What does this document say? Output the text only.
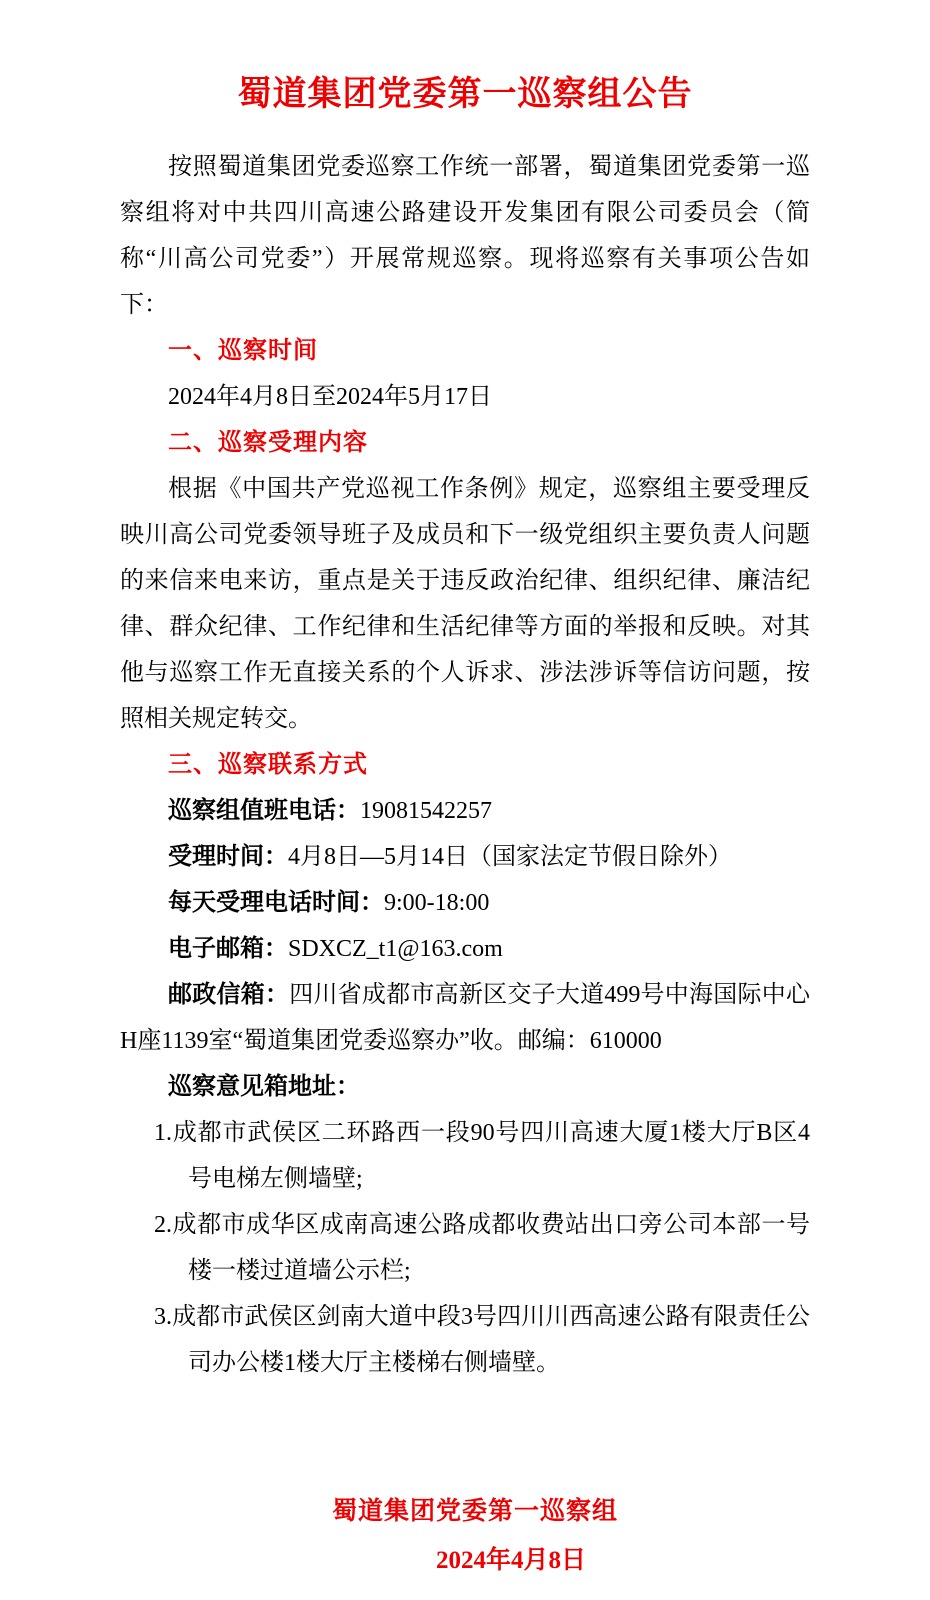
蜀道集团党委第一巡察组公告

按照蜀道集团党委巡察工作统一部署，蜀道集团党委第一巡察组将对中共四川高速公路建设开发集团有限公司委员会（简称“川高公司党委”）开展常规巡察。现将巡察有关事项公告如下：

一、巡察时间

2024年4月8日至2024年5月17日

二、巡察受理内容

根据《中国共产党巡视工作条例》规定，巡察组主要受理反映川高公司党委领导班子及成员和下一级党组织主要负责人问题的来信来电来访，重点是关于违反政治纪律、组织纪律、廉洁纪律、群众纪律、工作纪律和生活纪律等方面的举报和反映。对其他与巡察工作无直接关系的个人诉求、涉法涉诉等信访问题，按照相关规定转交。

三、巡察联系方式

巡察组值班电话：19081542257

受理时间：4月8日—5月14日（国家法定节假日除外）

每天受理电话时间：9:00-18:00

电子邮箱：SDXCZ_t1@163.com

邮政信箱：四川省成都市高新区交子大道499号中海国际中心H座1139室“蜀道集团党委巡察办”收。邮编：610000

巡察意见箱地址：

1.成都市武侯区二环路西一段90号四川高速大厦1楼大厅B区4号电梯左侧墙壁;

2.成都市成华区成南高速公路成都收费站出口旁公司本部一号楼一楼过道墙公示栏;

3.成都市武侯区剑南大道中段3号四川川西高速公路有限责任公司办公楼1楼大厅主楼梯右侧墙壁。

蜀道集团党委第一巡察组

2024年4月8日
